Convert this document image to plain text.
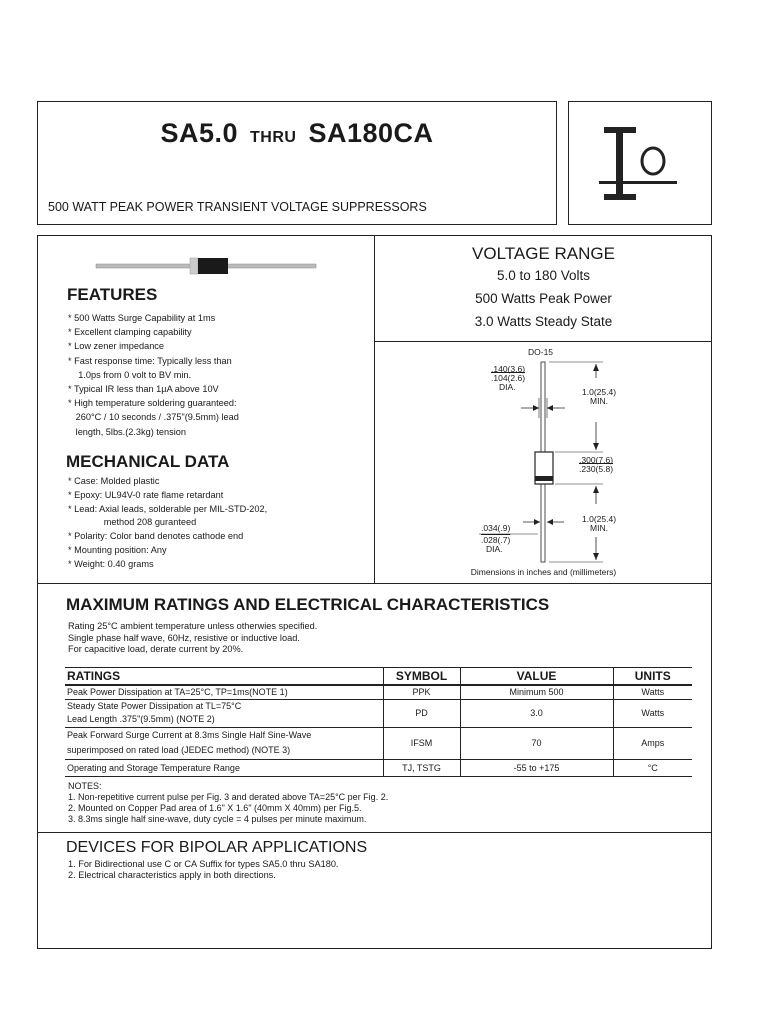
SA5.0 THRU SA180CA
500 WATT PEAK POWER TRANSIENT VOLTAGE SUPPRESSORS
FEATURES
* 500 Watts Surge Capability at 1ms
* Excellent clamping capability
* Low zener impedance
* Fast response time: Typically less than
1.0ps from 0 volt to BV min.
* Typical IR less than 1µA above 10V
* High temperature soldering guaranteed:
260°C / 10 seconds / .375"(9.5mm) lead
length, 5lbs.(2.3kg) tension
MECHANICAL DATA
* Case: Molded plastic
* Epoxy: UL94V-0 rate flame retardant
* Lead: Axial leads, solderable per MIL-STD-202,
method 208 guranteed
* Polarity: Color band denotes cathode end
* Mounting position: Any
* Weight: 0.40 grams
VOLTAGE RANGE
5.0 to 180 Volts
500 Watts Peak Power
3.0 Watts Steady State
DO-15
.140(3.6)
.104(2.6)
DIA.	1.0(25.4)
MIN.
.300(7.6)
.230(5.8)
1.0(25.4)
MIN.
.034(.9)
.028(.7)
DIA.
Dimensions in inches and (millimeters)
MAXIMUM RATINGS AND ELECTRICAL CHARACTERISTICS
Rating 25°C ambient temperature unless otherwies specified.
Single phase half wave, 60Hz, resistive or inductive load.
For capacitive load, derate current by 20%.
RATINGS	SYMBOL	VALUE	UNITS
Peak Power Dissipation at TA=25°C, TP=1ms(NOTE 1)	PPK	Minimum 500	Watts

Steady State Power Dissipation at TL=75°C
Lead Length .375"(9.5mm) (NOTE 2)	PD	3.0	Watts

Peak Forward Surge Current at 8.3ms Single Half Sine-Wave
superimposed on rated load (JEDEC method) (NOTE 3)	IFSM	70	Amps
Operating and Storage Temperature Range	TJ, TSTG	-55 to +175	°C
NOTES:
1. Non-repetitive current pulse per Fig. 3 and derated above TA=25°C per Fig. 2.
2. Mounted on Copper Pad area of 1.6" X 1.6" (40mm X 40mm) per Fig.5.
3. 8.3ms single half sine-wave, duty cycle = 4 pulses per minute maximum.
DEVICES FOR BIPOLAR APPLICATIONS
1. For Bidirectional use C or CA Suffix for types SA5.0 thru SA180.
2. Electrical characteristics apply in both directions.
